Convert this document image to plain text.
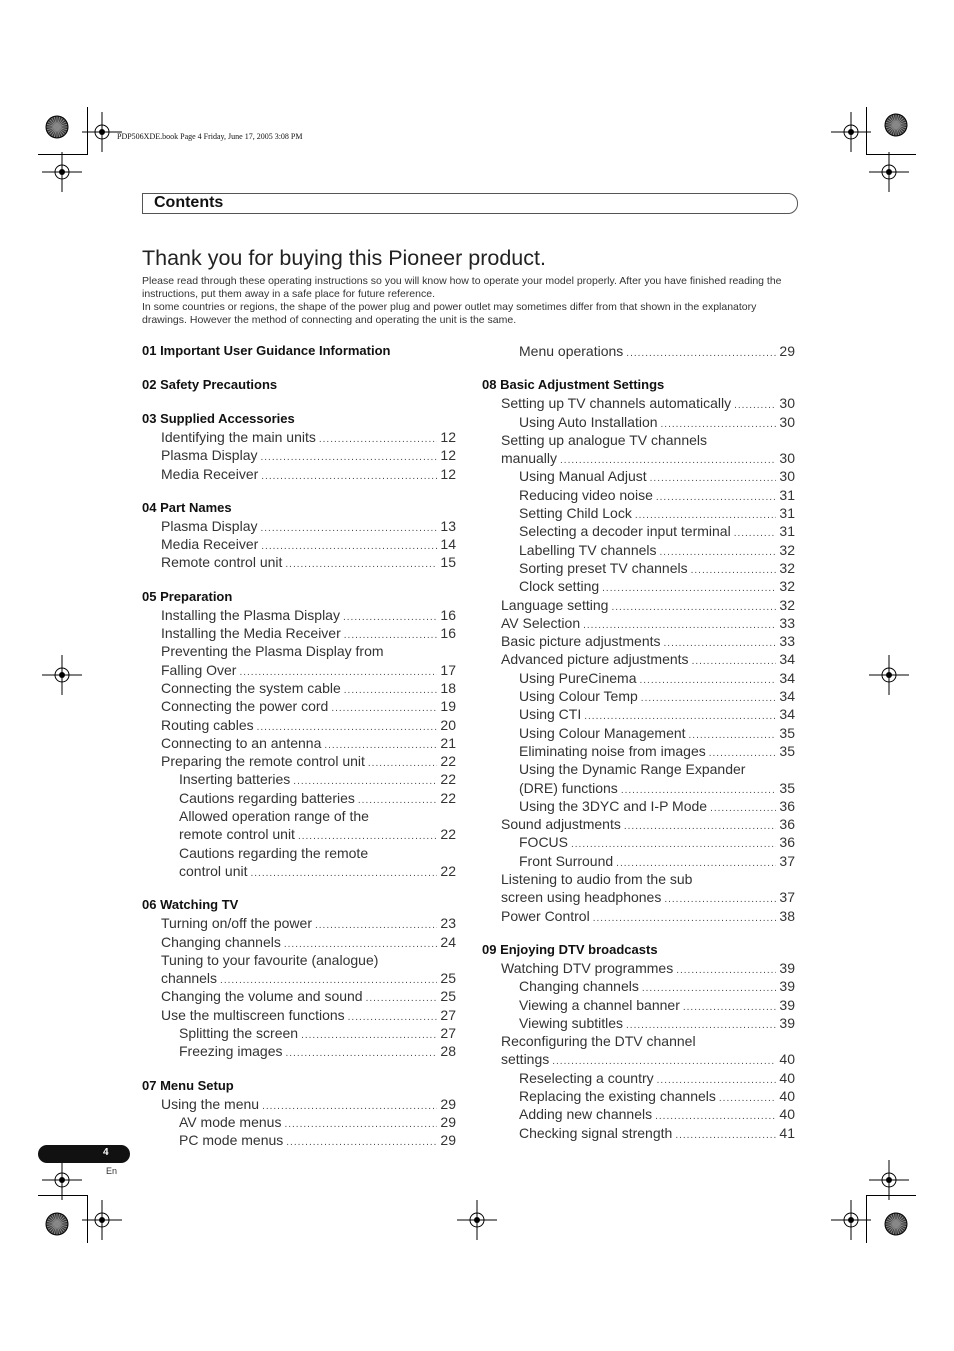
PDP506XDE.book Page 4 Friday, June 17, 2005 3:08 PM
Contents
Thank you for buying this Pioneer product.

Please read through these operating instructions so you will know how to operate your model properly. After you have finished reading the instructions, put them away in a safe place for future reference.

In some countries or regions, the shape of the power plug and power outlet may sometimes differ from that shown in the explanatory drawings. However the method of connecting and operating the unit is the same.

01 Important User Guidance Information
02 Safety Precautions
03 Supplied Accessories
Identifying the main units .....	12
Plasma Display .....	12
Media Receiver .....	12
04 Part Names
Plasma Display .....	13
Media Receiver .....	14
Remote control unit .....	15
05 Preparation
Installing the Plasma Display .....	16
Installing the Media Receiver .....	16
Preventing the Plasma Display from
Falling Over .....	17
Connecting the system cable .....	18
Connecting the power cord .....	19
Routing cables .....	20
Connecting to an antenna .....	21
Preparing the remote control unit .....	22
Inserting batteries .....	22
Cautions regarding batteries .....	22
Allowed operation range of the
remote control unit .....	22
Cautions regarding the remote
control unit .....	22
06 Watching TV
Turning on/off the power .....	23
Changing channels .....	24
Tuning to your favourite (analogue)
channels .....	25
Changing the volume and sound .....	25
Use the multiscreen functions .....	27
Splitting the screen .....	27
Freezing images .....	28
07 Menu Setup
Using the menu .....	29
AV mode menus .....	29
PC mode menus .....	29
Menu operations .....	29
08 Basic Adjustment Settings
Setting up TV channels automatically .....	30
Using Auto Installation .....	30
Setting up analogue TV channels
manually .....	30
Using Manual Adjust .....	30
Reducing video noise .....	31
Setting Child Lock .....	31
Selecting a decoder input terminal .....	31
Labelling TV channels .....	32
Sorting preset TV channels .....	32
Clock setting .....	32
Language setting .....	32
AV Selection .....	33
Basic picture adjustments .....	33
Advanced picture adjustments .....	34
Using PureCinema .....	34
Using Colour Temp .....	34
Using CTI .....	34
Using Colour Management .....	35
Eliminating noise from images .....	35
Using the Dynamic Range Expander
(DRE) functions .....	35
Using the 3DYC and I-P Mode .....	36
Sound adjustments .....	36
FOCUS .....	36
Front Surround .....	37
Listening to audio from the sub
screen using headphones .....	37
Power Control .....	38
09 Enjoying DTV broadcasts
Watching DTV programmes .....	39
Changing channels .....	39
Viewing a channel banner .....	39
Viewing subtitles .....	39
Reconfiguring the DTV channel
settings .....	40
Reselecting a country .....	40
Replacing the existing channels .....	40
Adding new channels .....	40
Checking signal strength .....	41
4
En
